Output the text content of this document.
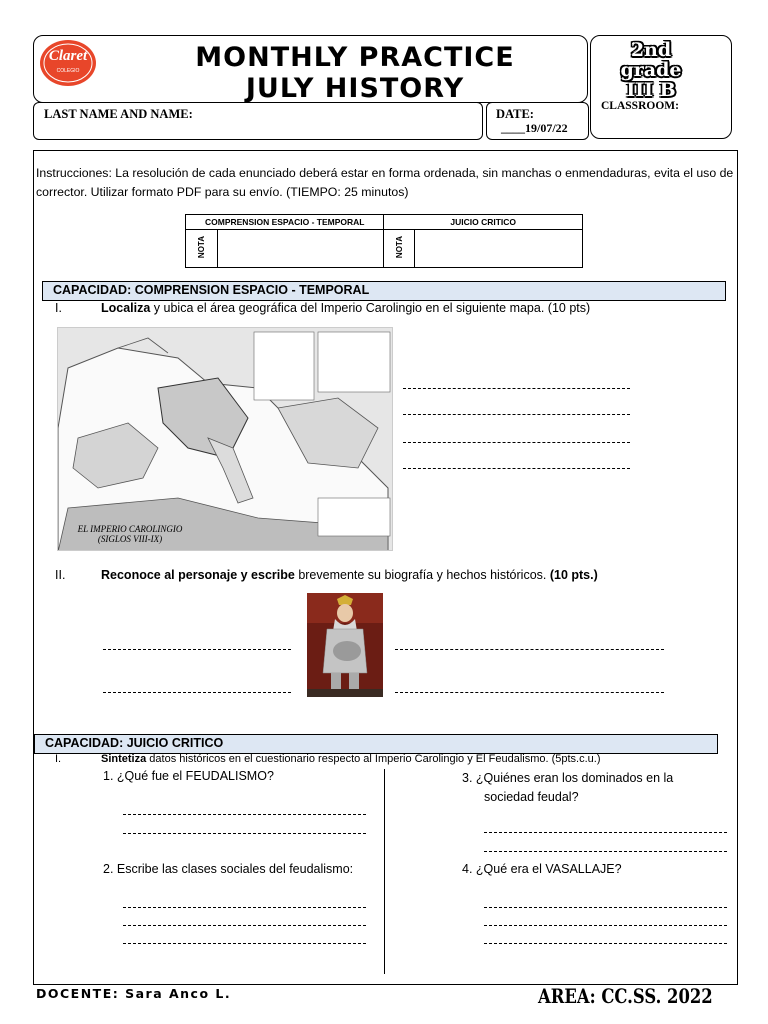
Claret
COLEGIO	MONTHLY PRACTICE
JULY HISTORY
2nd
grade
III B
CLASSROOM:
LAST NAME AND NAME:	DATE:
____19/07/22
Instrucciones: La resolución de cada enunciado deberá estar en forma ordenada, sin manchas o enmendaduras, evita el uso de corrector. Utilizar formato PDF para su envío. (TIEMPO: 25 minutos)
COMPRENSION ESPACIO - TEMPORAL		JUICIO CRITICO	
NOTA		NOTA	
CAPACIDAD: COMPRENSION ESPACIO - TEMPORAL
I.	Localiza y ubica el área geográfica del Imperio Carolingio en el siguiente mapa. (10 pts)
EL IMPERIO CAROLINGIO
(SIGLOS VIII-IX)
II.	Reconoce al personaje y escribe brevemente su biografía y hechos históricos. (10 pts.)
CAPACIDAD: JUICIO CRITICO
I.	Sintetiza datos históricos en el cuestionario respecto al Imperio Carolingio y El Feudalismo. (5pts.c.u.)
1. ¿Qué fue el FEUDALISMO?
2. Escribe las clases sociales del feudalismo:
3. ¿Quiénes eran los dominados en la
sociedad feudal?
4. ¿Qué era el VASALLAJE?
DOCENTE: Sara Anco L.	AREA: CC.SS. 2022
